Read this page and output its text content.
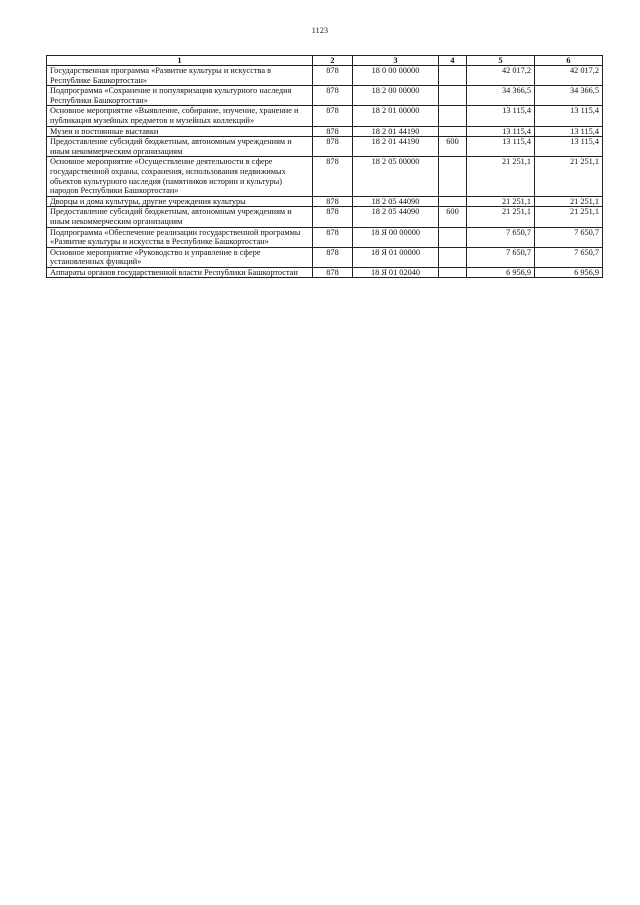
1123
1	2	3	4	5	6
Государственная программа «Развитие культуры и искусства в Республике Башкортостан»	878	18 0 00 00000		42 017,2	42 017,2
Подпрограмма «Сохранение и популяризация культурного наследия Республики Башкортостан»	878	18 2 00 00000		34 366,5	34 366,5
Основное мероприятие «Выявление, собирание, изучение, хранение и публикация музейных предметов и музейных коллекций»	878	18 2 01 00000		13 115,4	13 115,4
Музеи и постоянные выставки	878	18 2 01 44190		13 115,4	13 115,4
Предоставление субсидий бюджетным, автономным учреждениям и иным некоммерческим организациям	878	18 2 01 44190	600	13 115,4	13 115,4
Основное мероприятие «Осуществление деятельности в сфере государственной охраны, сохранения, использования недвижимых объектов культурного наследия (памятников истории и культуры) народов Республики Башкортостан»	878	18 2 05 00000		21 251,1	21 251,1
Дворцы и дома культуры, другие учреждения культуры	878	18 2 05 44090		21 251,1	21 251,1
Предоставление субсидий бюджетным, автономным учреждениям и иным некоммерческим организациям	878	18 2 05 44090	600	21 251,1	21 251,1
Подпрограмма «Обеспечение реализации государственной программы «Развитие культуры и искусства в Республике Башкортостан»	878	18 Я 00 00000		7 650,7	7 650,7
Основное мероприятие «Руководство и управление в сфере установленных функций»	878	18 Я 01 00000		7 650,7	7 650,7
Аппараты органов государственной власти Республики Башкортостан	878	18 Я 01 02040		6 956,9	6 956,9
